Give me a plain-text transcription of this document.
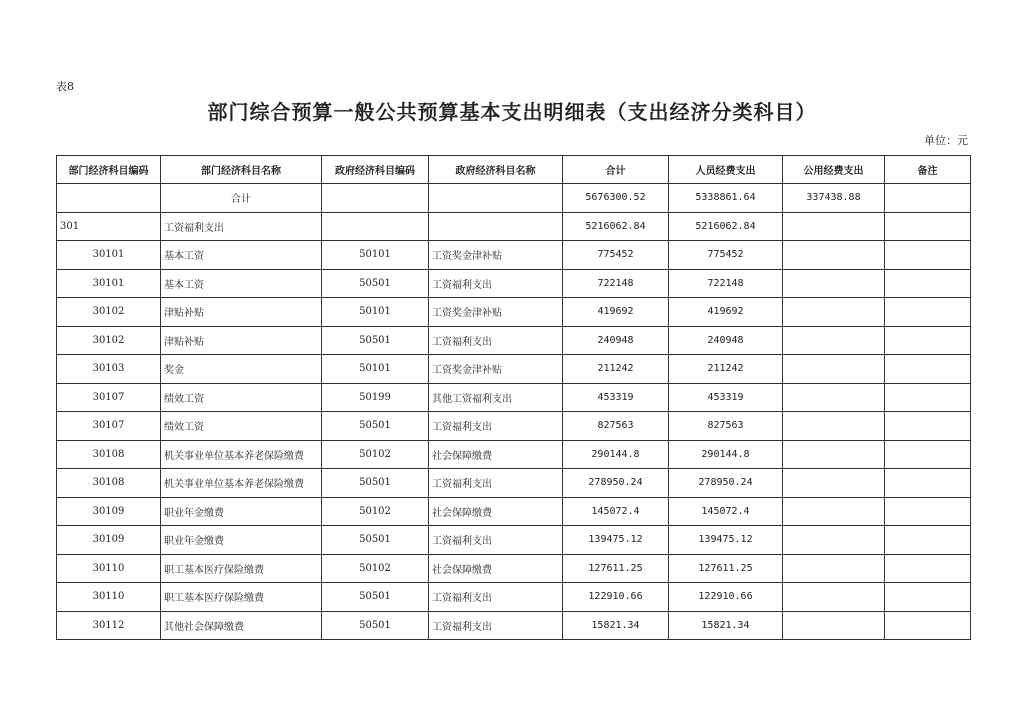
表8
部门综合预算一般公共预算基本支出明细表（支出经济分类科目）
单位：元
部门经济科目编码	部门经济科目名称	政府经济科目编码	政府经济科目名称	合计	人员经费支出	公用经费支出	备注
	合计			5676300.52	5338861.64	337438.88	
301	工资福利支出			5216062.84	5216062.84		
30101	基本工资	50101	工资奖金津补贴	775452	775452		
30101	基本工资	50501	工资福利支出	722148	722148		
30102	津贴补贴	50101	工资奖金津补贴	419692	419692		
30102	津贴补贴	50501	工资福利支出	240948	240948		
30103	奖金	50101	工资奖金津补贴	211242	211242		
30107	绩效工资	50199	其他工资福利支出	453319	453319		
30107	绩效工资	50501	工资福利支出	827563	827563		
30108	机关事业单位基本养老保险缴费	50102	社会保障缴费	290144.8	290144.8		
30108	机关事业单位基本养老保险缴费	50501	工资福利支出	278950.24	278950.24		
30109	职业年金缴费	50102	社会保障缴费	145072.4	145072.4		
30109	职业年金缴费	50501	工资福利支出	139475.12	139475.12		
30110	职工基本医疗保险缴费	50102	社会保障缴费	127611.25	127611.25		
30110	职工基本医疗保险缴费	50501	工资福利支出	122910.66	122910.66		
30112	其他社会保障缴费	50501	工资福利支出	15821.34	15821.34		
